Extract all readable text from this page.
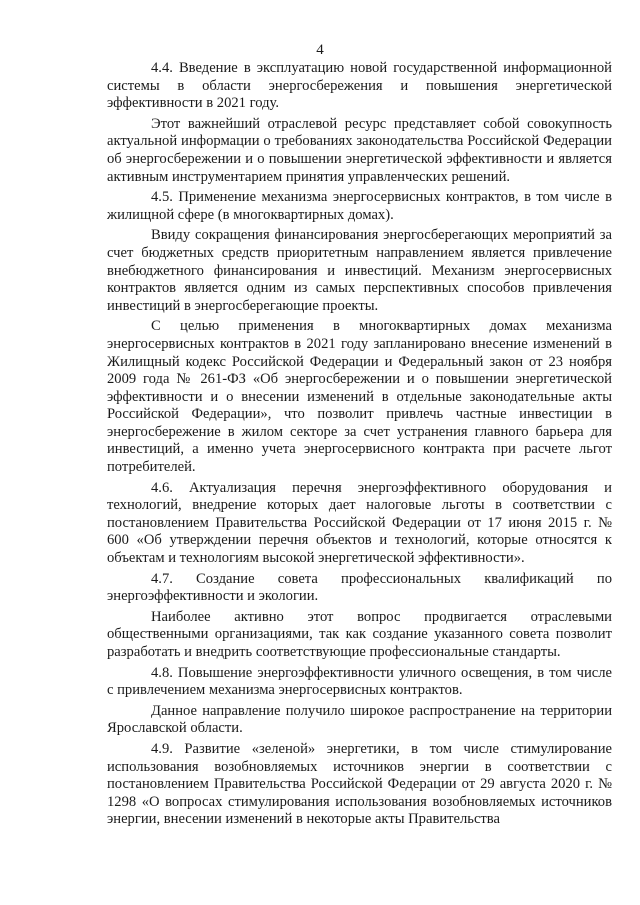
4

4.4. Введение в эксплуатацию новой государственной информационной системы в области энергосбережения и повышения энергетической эффективности в 2021 году.

Этот важнейший отраслевой ресурс представляет собой совокупность актуальной информации о требованиях законодательства Российской Федерации об энергосбережении и о повышении энергетической эффективности и является активным инструментарием принятия управленческих решений.

4.5. Применение механизма энергосервисных контрактов, в том числе в жилищной сфере (в многоквартирных домах).

Ввиду сокращения финансирования энергосберегающих мероприятий за счет бюджетных средств приоритетным направлением является привлечение внебюджетного финансирования и инвестиций. Механизм энергосервисных контрактов является одним из самых перспективных способов привлечения инвестиций в энергосберегающие проекты.

С целью применения в многоквартирных домах механизма энергосервисных контрактов в 2021 году запланировано внесение изменений в Жилищный кодекс Российской Федерации и Федеральный закон от 23 ноября 2009 года № 261-ФЗ «Об энергосбережении и о повышении энергетической эффективности и о внесении изменений в отдельные законодательные акты Российской Федерации», что позволит привлечь частные инвестиции в энергосбережение в жилом секторе за счет устранения главного барьера для инвестиций, а именно учета энергосервисного контракта при расчете льгот потребителей.

4.6. Актуализация перечня энергоэффективного оборудования и технологий, внедрение которых дает налоговые льготы в соответствии с постановлением Правительства Российской Федерации от 17 июня 2015 г. № 600 «Об утверждении перечня объектов и технологий, которые относятся к объектам и технологиям высокой энергетической эффективности».

4.7. Создание совета профессиональных квалификаций по энергоэффективности и экологии.

Наиболее активно этот вопрос продвигается отраслевыми общественными организациями, так как создание указанного совета позволит разработать и внедрить соответствующие профессиональные стандарты.

4.8. Повышение энергоэффективности уличного освещения, в том числе с привлечением механизма энергосервисных контрактов.

Данное направление получило широкое распространение на территории Ярославской области.

4.9. Развитие «зеленой» энергетики, в том числе стимулирование использования возобновляемых источников энергии в соответствии с постановлением Правительства Российской Федерации от 29 августа 2020 г. № 1298 «О вопросах стимулирования использования возобновляемых источников энергии, внесении изменений в некоторые акты Правительства
